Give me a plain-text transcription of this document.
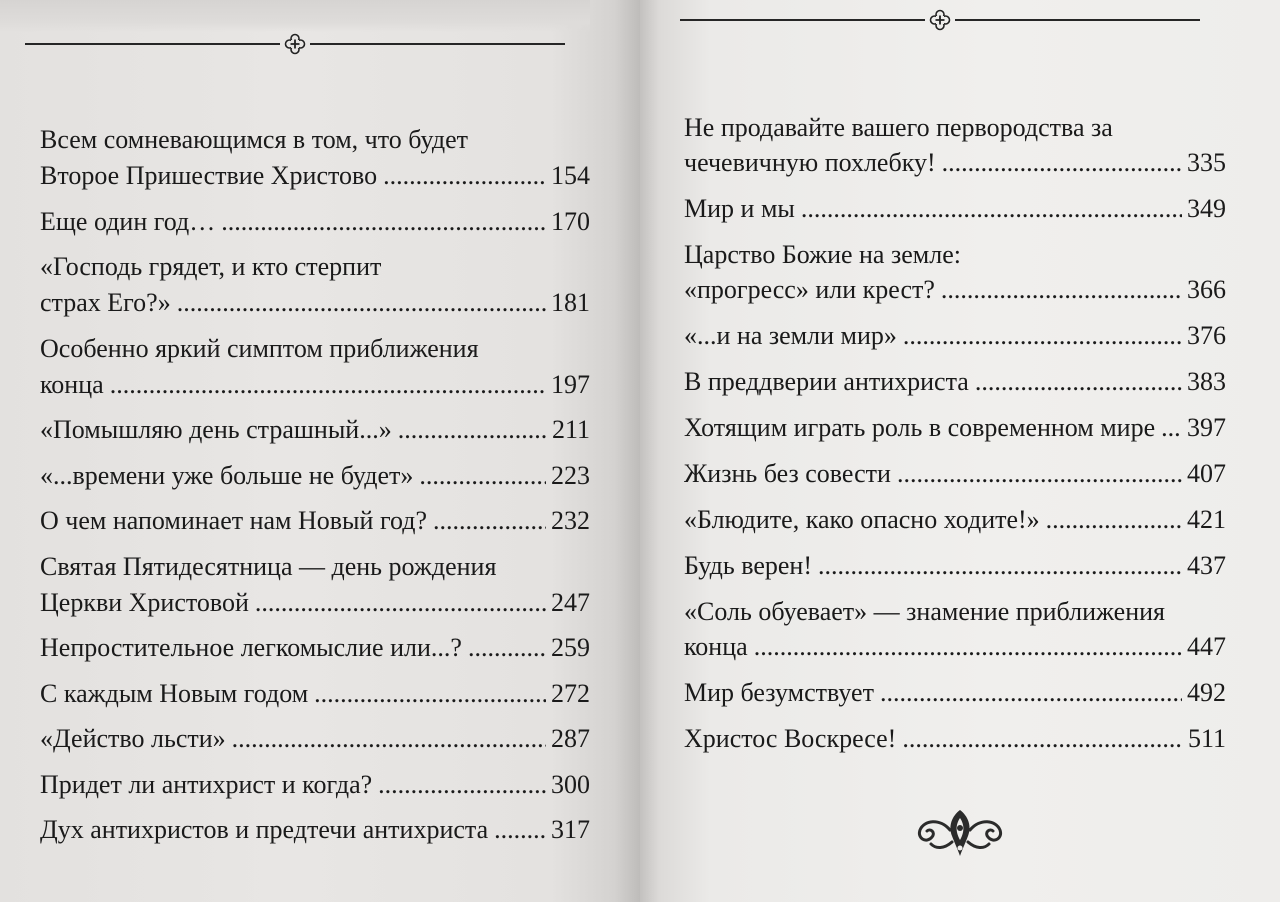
Всем сомневающимся в том, что будет
Второе Пришествие Христово .....	154
Еще один год… .....	170
«Господь грядет, и кто стерпит
страх Его?» .....	181
Особенно яркий симптом приближения
конца .....	197
«Помышляю день страшный...» .....	211
«...времени уже больше не будет» .....	223
О чем напоминает нам Новый год? .....	232
Святая Пятидесятница — день рождения
Церкви Христовой .....	247
Непростительное легкомыслие или...? .....	259
С каждым Новым годом .....	272
«Действо льсти» .....	287
Придет ли антихрист и когда? .....	300
Дух антихристов и предтечи антихриста ..... 317
Не продавайте вашего первородства за
чечевичную похлебку! .....	335
Мир и мы .....	349
Царство Божие на земле:
«прогресс» или крест? .....	366
«...и на земли мир» .....	376
В преддверии антихриста .....	383
Хотящим играть роль в современном мире ..... 397
Жизнь без совести .....	407
«Блюдите, како опасно ходите!» .....	421
Будь верен! .....	437
«Соль обуевает» — знамение приближения
конца .....	447
Мир безумствует .....	492
Христос Воскресе! .....	511
